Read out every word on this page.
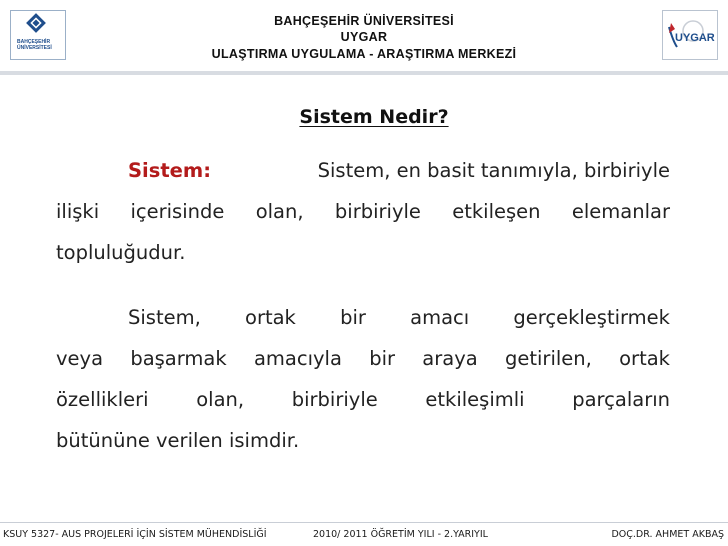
BAHÇEŞEHİR
ÜNİVERSİTESİ
BAHÇEŞEHİR ÜNİVERSİTESİ
UYGAR
ULAŞTIRMA UYGULAMA - ARAŞTIRMA MERKEZİ
UYGAR
Sistem Nedir?
Sistem:	Sistem, en basit tanımıyla, birbiriyle
ilişki içerisinde olan, birbiriyle etkileşen elemanlar
topluluğudur.
Sistem, ortak bir amacı gerçekleştirmek
veya başarmak amacıyla bir araya getirilen, ortak
özellikleri olan, birbiriyle etkileşimli parçaların
bütününe verilen isimdir.
KSUY 5327- AUS PROJELERİ İÇİN SİSTEM MÜHENDİSLİĞİ	2010/ 2011 ÖĞRETİM YILI - 2.YARIYIL	DOÇ.DR. AHMET AKBAŞ
